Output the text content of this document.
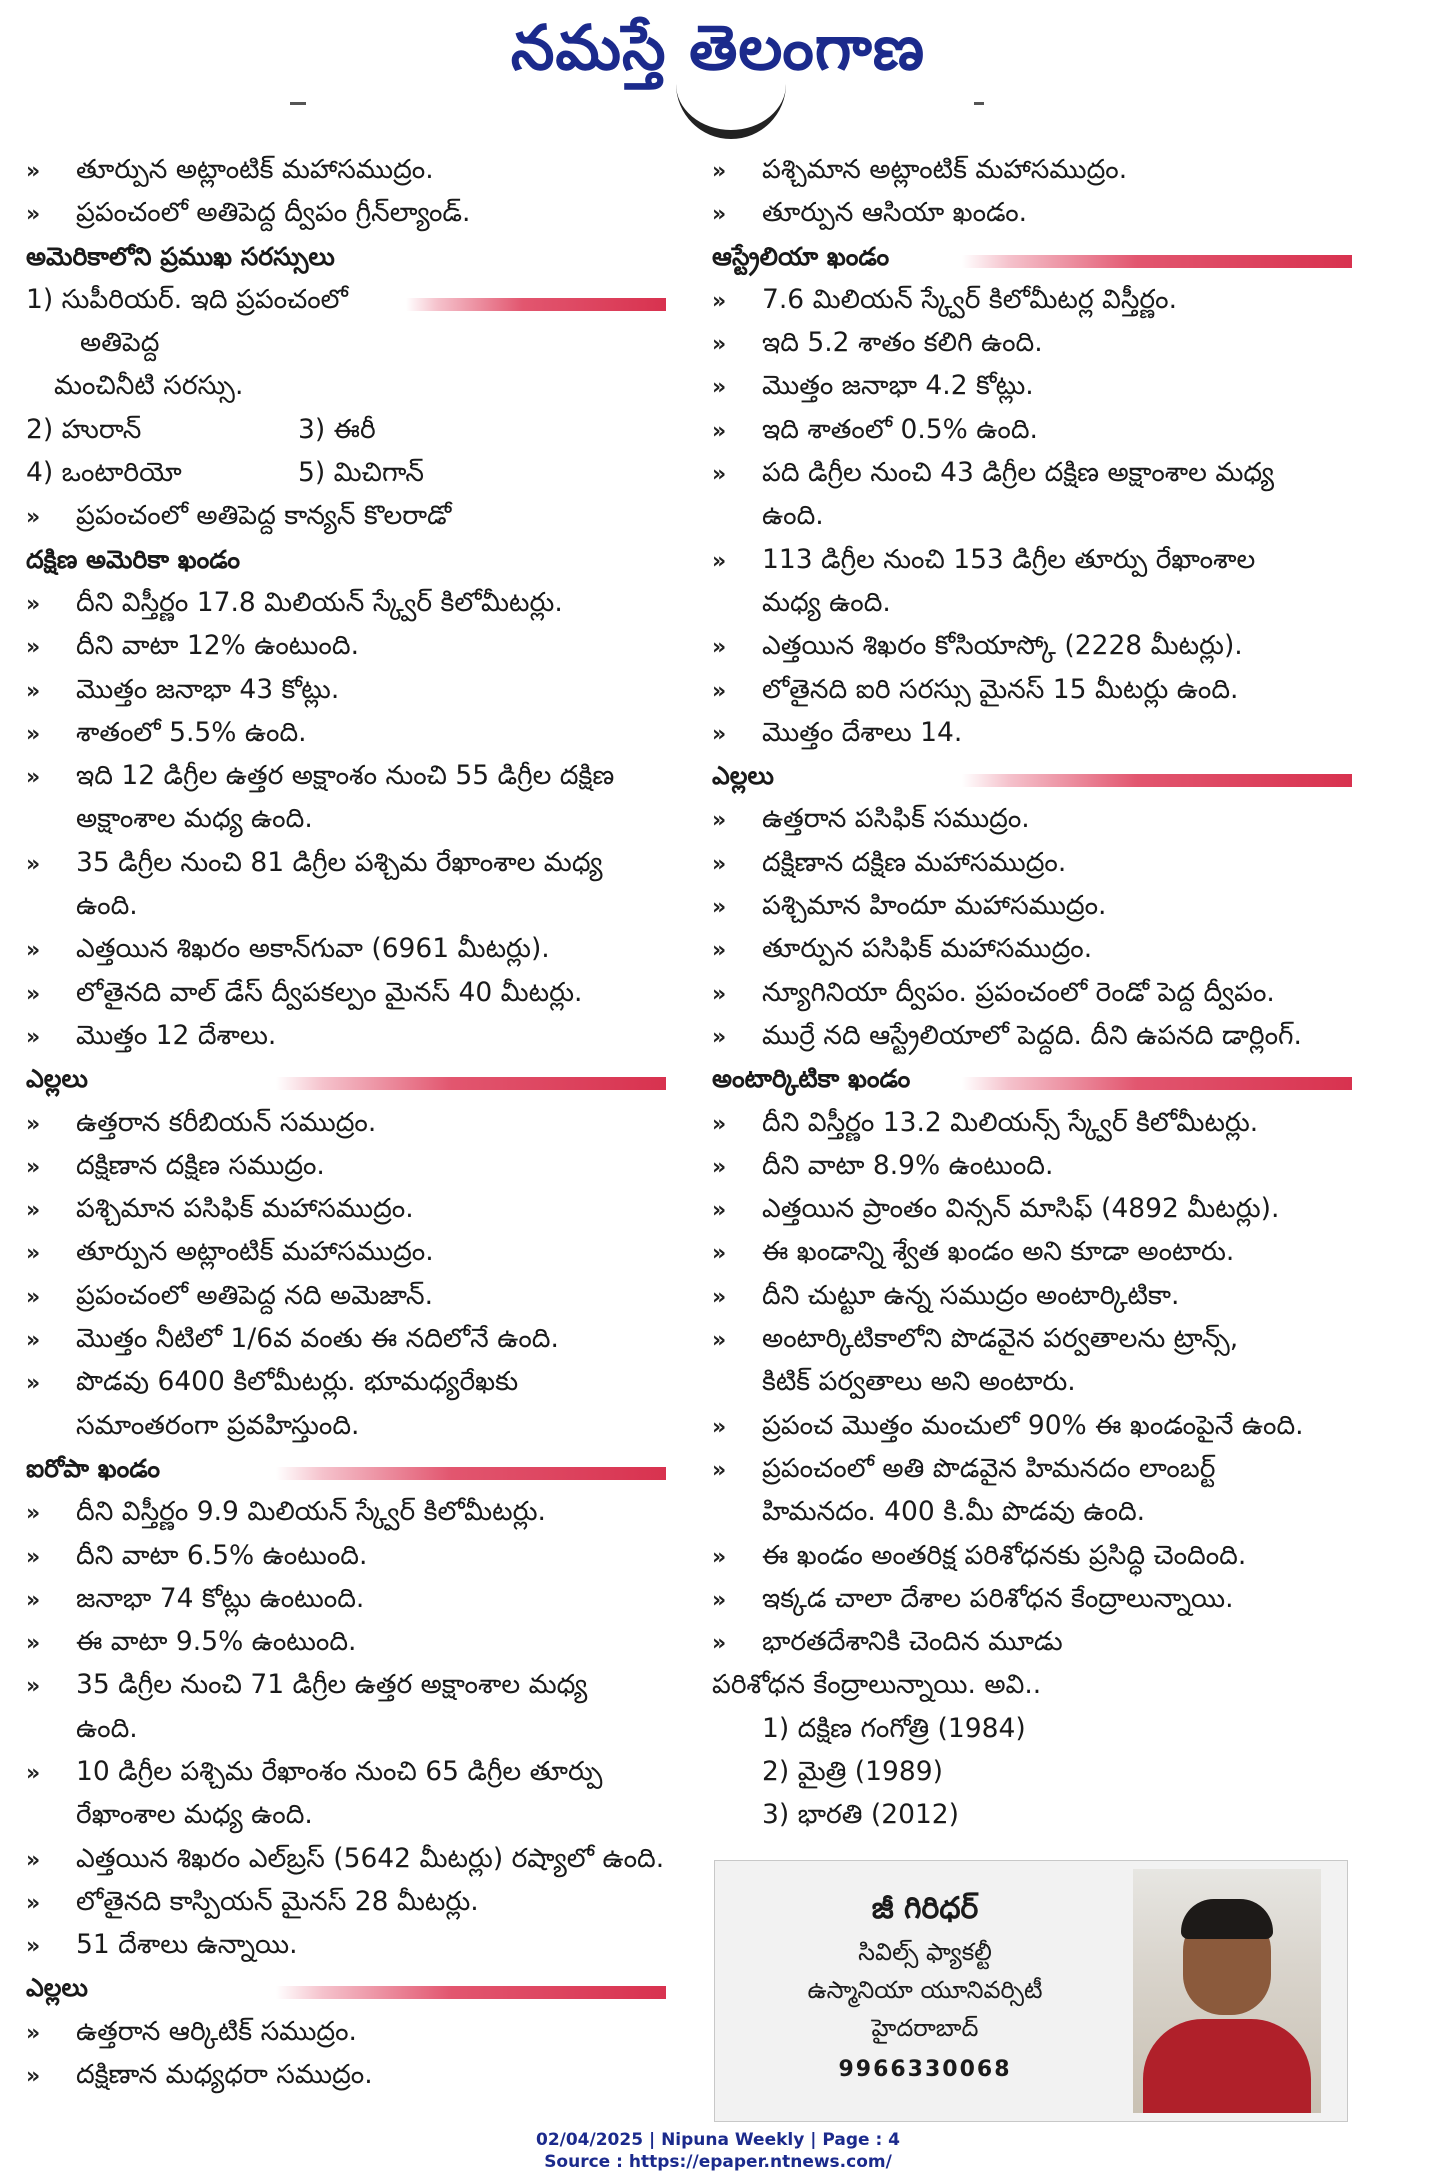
నమస్తే తెలంగాణ
» తూర్పున అట్లాంటిక్ మహాసముద్రం.
» ప్రపంచంలో అతిపెద్ద ద్వీపం గ్రీన్‌ల్యాండ్.
అమెరికాలోని ప్రముఖ సరస్సులు
1) సుపీరియర్. ఇది ప్రపంచంలో
అతిపెద్ద
మంచినీటి సరస్సు.
2) హురాన్	3) ఈరీ
4) ఒంటారియో	5) మిచిగాన్
» ప్రపంచంలో అతిపెద్ద కాన్యన్ కొలరాడో
దక్షిణ అమెరికా ఖండం
» దీని విస్తీర్ణం 17.8 మిలియన్ స్క్వేర్ కిలోమీటర్లు.
» దీని వాటా 12% ఉంటుంది.
» మొత్తం జనాభా 43 కోట్లు.
» శాతంలో 5.5% ఉంది.
» ఇది 12 డిగ్రీల ఉత్తర అక్షాంశం నుంచి 55 డిగ్రీల దక్షిణ
అక్షాంశాల మధ్య ఉంది.
» 35 డిగ్రీల నుంచి 81 డిగ్రీల పశ్చిమ రేఖాంశాల మధ్య
ఉంది.
» ఎత్తయిన శిఖరం అకాన్‌గువా (6961 మీటర్లు).
» లోతైనది వాల్ డేస్ ద్వీపకల్పం మైనస్ 40 మీటర్లు.
» మొత్తం 12 దేశాలు.
ఎల్లలు
» ఉత్తరాన కరీబియన్ సముద్రం.
» దక్షిణాన దక్షిణ సముద్రం.
» పశ్చిమాన పసిఫిక్ మహాసముద్రం.
» తూర్పున అట్లాంటిక్ మహాసముద్రం.
» ప్రపంచంలో అతిపెద్ద నది అమెజాన్.
» మొత్తం నీటిలో 1/6వ వంతు ఈ నదిలోనే ఉంది.
» పొడవు 6400 కిలోమీటర్లు. భూమధ్యరేఖకు
సమాంతరంగా ప్రవహిస్తుంది.
ఐరోపా ఖండం
» దీని విస్తీర్ణం 9.9 మిలియన్ స్క్వేర్ కిలోమీటర్లు.
» దీని వాటా 6.5% ఉంటుంది.
» జనాభా 74 కోట్లు ఉంటుంది.
» ఈ వాటా 9.5% ఉంటుంది.
» 35 డిగ్రీల నుంచి 71 డిగ్రీల ఉత్తర అక్షాంశాల మధ్య
ఉంది.
» 10 డిగ్రీల పశ్చిమ రేఖాంశం నుంచి 65 డిగ్రీల తూర్పు
రేఖాంశాల మధ్య ఉంది.
» ఎత్తయిన శిఖరం ఎల్‌బ్రస్ (5642 మీటర్లు) రష్యాలో ఉంది.
» లోతైనది కాస్పియన్ మైనస్ 28 మీటర్లు.
» 51 దేశాలు ఉన్నాయి.
ఎల్లలు
» ఉత్తరాన ఆర్కిటిక్ సముద్రం.
» దక్షిణాన మధ్యధరా సముద్రం.
» పశ్చిమాన అట్లాంటిక్ మహాసముద్రం.
» తూర్పున ఆసియా ఖండం.
ఆస్ట్రేలియా ఖండం
» 7.6 మిలియన్ స్క్వేర్ కిలోమీటర్ల విస్తీర్ణం.
» ఇది 5.2 శాతం కలిగి ఉంది.
» మొత్తం జనాభా 4.2 కోట్లు.
» ఇది శాతంలో 0.5% ఉంది.
» పది డిగ్రీల నుంచి 43 డిగ్రీల దక్షిణ అక్షాంశాల మధ్య
ఉంది.
» 113 డిగ్రీల నుంచి 153 డిగ్రీల తూర్పు రేఖాంశాల
మధ్య ఉంది.
» ఎత్తయిన శిఖరం కోసియాస్కో (2228 మీటర్లు).
» లోతైనది ఐరి సరస్సు మైనస్ 15 మీటర్లు ఉంది.
» మొత్తం దేశాలు 14.
ఎల్లలు
» ఉత్తరాన పసిఫిక్ సముద్రం.
» దక్షిణాన దక్షిణ మహాసముద్రం.
» పశ్చిమాన హిందూ మహాసముద్రం.
» తూర్పున పసిఫిక్ మహాసముద్రం.
» న్యూగినియా ద్వీపం. ప్రపంచంలో రెండో పెద్ద ద్వీపం.
» ముర్రే నది ఆస్ట్రేలియాలో పెద్దది. దీని ఉపనది డార్లింగ్.
అంటార్కిటికా ఖండం
» దీని విస్తీర్ణం 13.2 మిలియన్స్ స్క్వేర్ కిలోమీటర్లు.
» దీని వాటా 8.9% ఉంటుంది.
» ఎత్తయిన ప్రాంతం విన్సన్ మాసిఫ్ (4892 మీటర్లు).
» ఈ ఖండాన్ని శ్వేత ఖండం అని కూడా అంటారు.
» దీని చుట్టూ ఉన్న సముద్రం అంటార్కిటికా.
» అంటార్కిటికాలోని పొడవైన పర్వతాలను ట్రాన్స్,
కిటిక్ పర్వతాలు అని అంటారు.
» ప్రపంచ మొత్తం మంచులో 90% ఈ ఖండంపైనే ఉంది.
» ప్రపంచంలో అతి పొడవైన హిమనదం లాంబర్ట్
హిమనదం. 400 కి.మీ పొడవు ఉంది.
» ఈ ఖండం అంతరిక్ష పరిశోధనకు ప్రసిద్ధి చెందింది.
» ఇక్కడ చాలా దేశాల పరిశోధన కేంద్రాలున్నాయి.
» భారతదేశానికి చెందిన మూడు
పరిశోధన కేంద్రాలున్నాయి. అవి..
1) దక్షిణ గంగోత్రి (1984)
2) మైత్రి (1989)
3) భారతి (2012)
జీ గిరిధర్
సివిల్స్ ఫ్యాకల్టీ
ఉస్మానియా యూనివర్సిటీ
హైదరాబాద్
9966330068
02/04/2025 | Nipuna Weekly | Page : 4
Source : https://epaper.ntnews.com/
